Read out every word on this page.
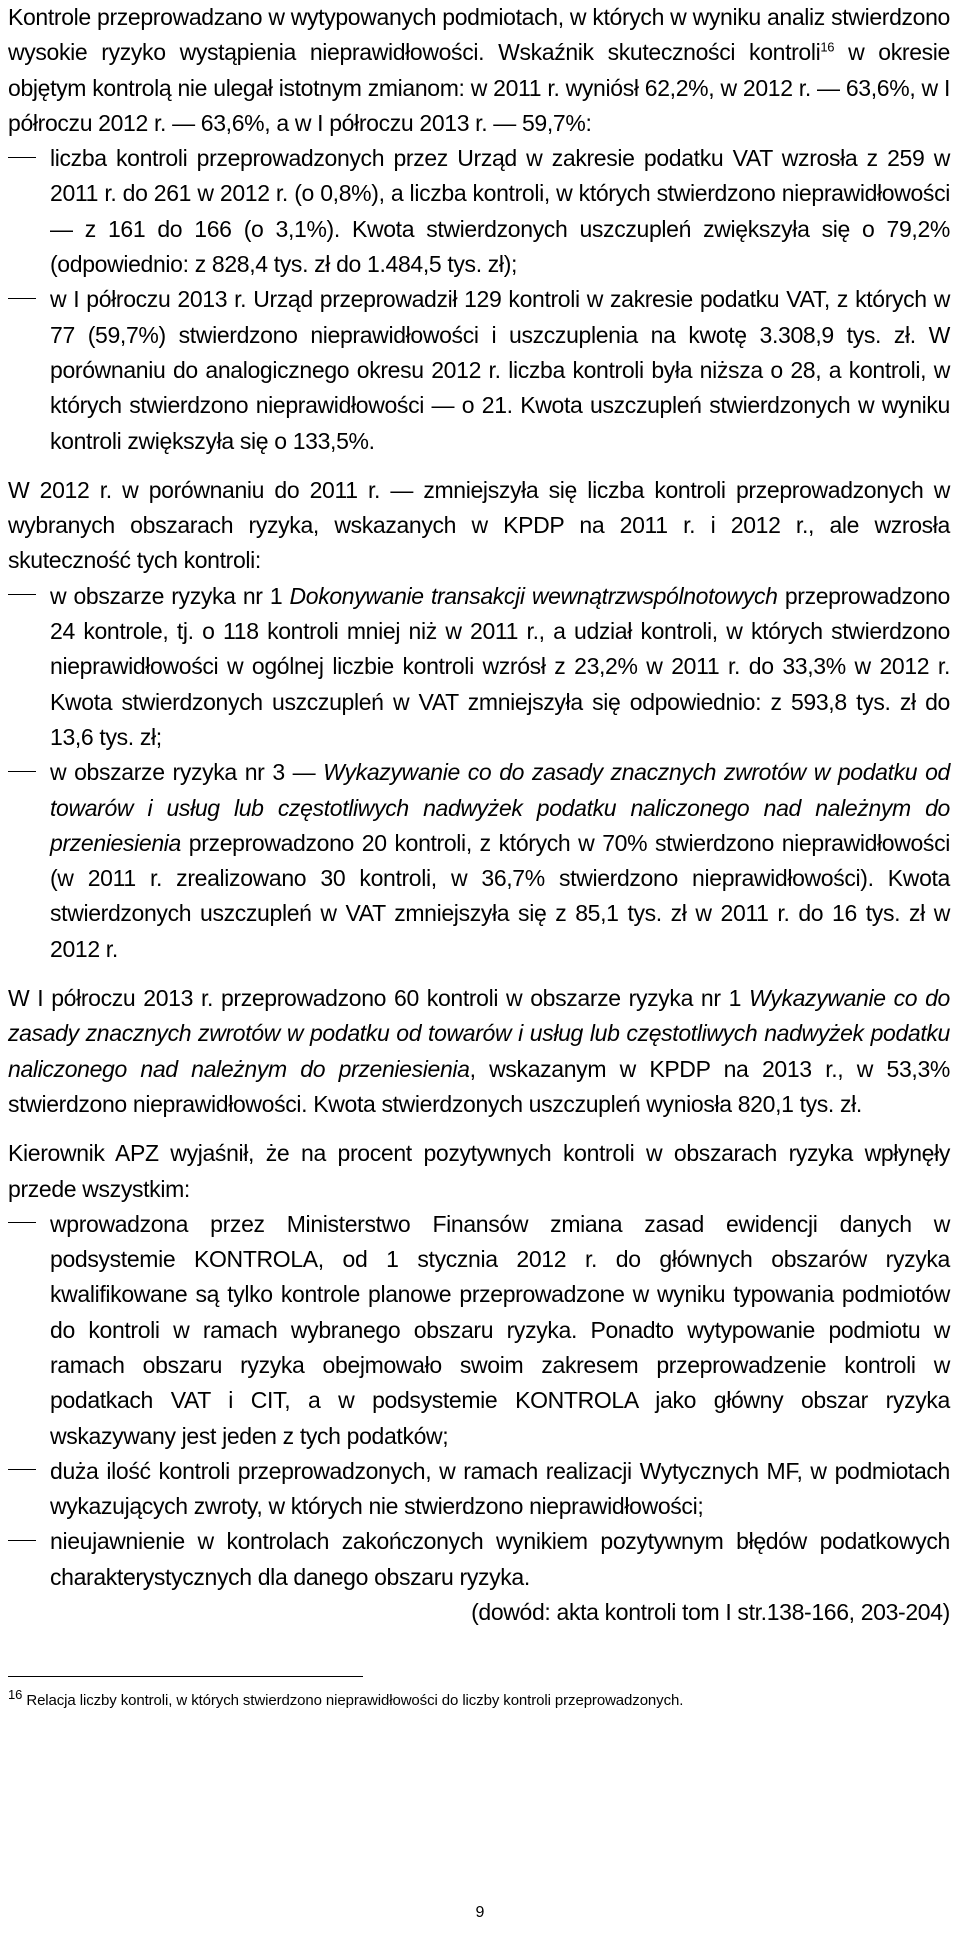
Kontrole przeprowadzano w wytypowanych podmiotach, w których w wyniku analiz stwierdzono wysokie ryzyko wystąpienia nieprawidłowości. Wskaźnik skuteczności kontroli$^{16}$ w okresie objętym kontrolą nie ulegał istotnym zmianom: w 2011 r. wyniósł 62,2%, w 2012 r. ― 63,6%, w I półroczu 2012 r. ― 63,6%, a w I półroczu 2013 r. ― 59,7%:

liczba kontroli przeprowadzonych przez Urząd w zakresie podatku VAT wzrosła z 259 w 2011 r. do 261 w 2012 r. (o 0,8%), a liczba kontroli, w których stwierdzono nieprawidłowości ― z 161 do 166 (o 3,1%). Kwota stwierdzonych uszczupleń zwiększyła się o 79,2% (odpowiednio: z 828,4 tys. zł do 1.484,5 tys. zł);
w I półroczu 2013 r. Urząd przeprowadził 129 kontroli w zakresie podatku VAT, z których w 77 (59,7%) stwierdzono nieprawidłowości i uszczuplenia na kwotę 3.308,9 tys. zł. W porównaniu do analogicznego okresu 2012 r. liczba kontroli była niższa o 28, a kontroli, w których stwierdzono nieprawidłowości ― o 21. Kwota uszczupleń stwierdzonych w wyniku kontroli zwiększyła się o 133,5%.

W 2012 r. w porównaniu do 2011 r. ― zmniejszyła się liczba kontroli przeprowadzonych w wybranych obszarach ryzyka, wskazanych w KPDP na 2011 r. i 2012 r., ale wzrosła skuteczność tych kontroli:

w obszarze ryzyka nr 1 Dokonywanie transakcji wewnątrzwspólnotowych przeprowadzono 24 kontrole, tj. o 118 kontroli mniej niż w 2011 r., a udział kontroli, w których stwierdzono nieprawidłowości w ogólnej liczbie kontroli wzrósł z 23,2% w 2011 r. do 33,3% w 2012 r. Kwota stwierdzonych uszczupleń w VAT zmniejszyła się odpowiednio: z 593,8 tys. zł do 13,6 tys. zł;
w obszarze ryzyka nr 3 ― Wykazywanie co do zasady znacznych zwrotów w podatku od towarów i usług lub częstotliwych nadwyżek podatku naliczonego nad należnym do przeniesienia przeprowadzono 20 kontroli, z których w 70% stwierdzono nieprawidłowości (w 2011 r. zrealizowano 30 kontroli, w 36,7% stwierdzono nieprawidłowości). Kwota stwierdzonych uszczupleń w VAT zmniejszyła się z 85,1 tys. zł w 2011 r. do 16 tys. zł w 2012 r.

W I półroczu 2013 r. przeprowadzono 60 kontroli w obszarze ryzyka nr 1 Wykazywanie co do zasady znacznych zwrotów w podatku od towarów i usług lub częstotliwych nadwyżek podatku naliczonego nad należnym do przeniesienia, wskazanym w KPDP na 2013 r., w 53,3% stwierdzono nieprawidłowości. Kwota stwierdzonych uszczupleń wyniosła 820,1 tys. zł.

Kierownik APZ wyjaśnił, że na procent pozytywnych kontroli w obszarach ryzyka wpłynęły przede wszystkim:

wprowadzona przez Ministerstwo Finansów zmiana zasad ewidencji danych w podsystemie KONTROLA, od 1 stycznia 2012 r. do głównych obszarów ryzyka kwalifikowane są tylko kontrole planowe przeprowadzone w wyniku typowania podmiotów do kontroli w ramach wybranego obszaru ryzyka. Ponadto wytypowanie podmiotu w ramach obszaru ryzyka obejmowało swoim zakresem przeprowadzenie kontroli w podatkach VAT i CIT, a w podsystemie KONTROLA jako główny obszar ryzyka wskazywany jest jeden z tych podatków;
duża ilość kontroli przeprowadzonych, w ramach realizacji Wytycznych MF, w podmiotach wykazujących zwroty, w których nie stwierdzono nieprawidłowości;
nieujawnienie w kontrolach zakończonych wynikiem pozytywnym błędów podatkowych charakterystycznych dla danego obszaru ryzyka.

(dowód: akta kontroli tom I str.138-166, 203-204)

$^{16}$ Relacja liczby kontroli, w których stwierdzono nieprawidłowości do liczby kontroli przeprowadzonych.

9
